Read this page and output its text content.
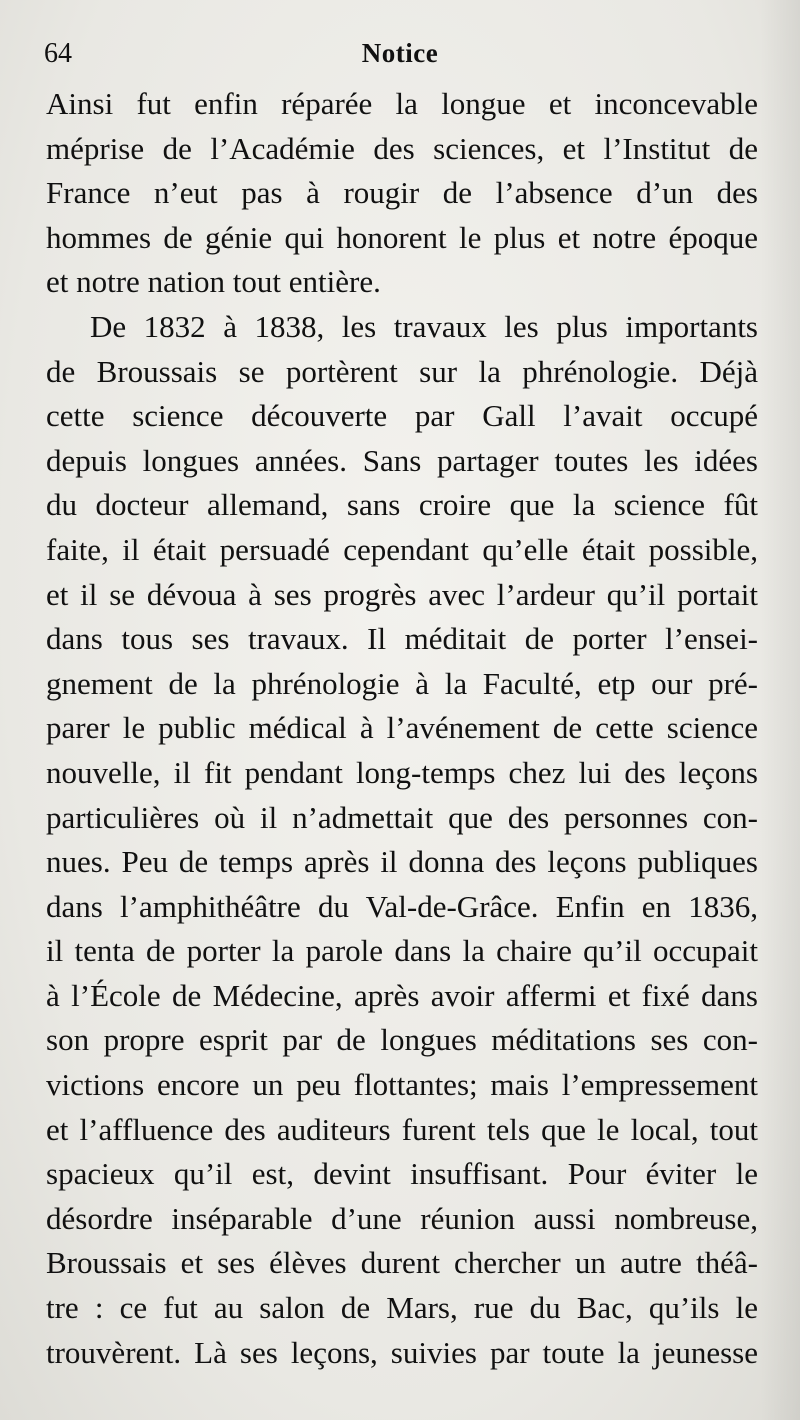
64	Notice
Ainsi fut enfin réparée la longue et inconcevable
méprise de l’Académie des sciences, et l’Institut de
France n’eut pas à rougir de l’absence d’un des
hommes de génie qui honorent le plus et notre époque
et notre nation tout entière.
De 1832 à 1838, les travaux les plus importants
de Broussais se portèrent sur la phrénologie. Déjà
cette science découverte par Gall l’avait occupé
depuis longues années. Sans partager toutes les idées
du docteur allemand, sans croire que la science fût
faite, il était persuadé cependant qu’elle était possible,
et il se dévoua à ses progrès avec l’ardeur qu’il portait
dans tous ses travaux. Il méditait de porter l’ensei-
gnement de la phrénologie à la Faculté, etp our pré-
parer le public médical à l’avénement de cette science
nouvelle, il fit pendant long-temps chez lui des leçons
particulières où il n’admettait que des personnes con-
nues. Peu de temps après il donna des leçons publiques
dans l’amphithéâtre du Val-de-Grâce. Enfin en 1836,
il tenta de porter la parole dans la chaire qu’il occupait
à l’École de Médecine, après avoir affermi et fixé dans
son propre esprit par de longues méditations ses con-
victions encore un peu flottantes; mais l’empressement
et l’affluence des auditeurs furent tels que le local, tout
spacieux qu’il est, devint insuffisant. Pour éviter le
désordre inséparable d’une réunion aussi nombreuse,
Broussais et ses élèves durent chercher un autre théâ-
tre : ce fut au salon de Mars, rue du Bac, qu’ils le
trouvèrent. Là ses leçons, suivies par toute la jeunesse
